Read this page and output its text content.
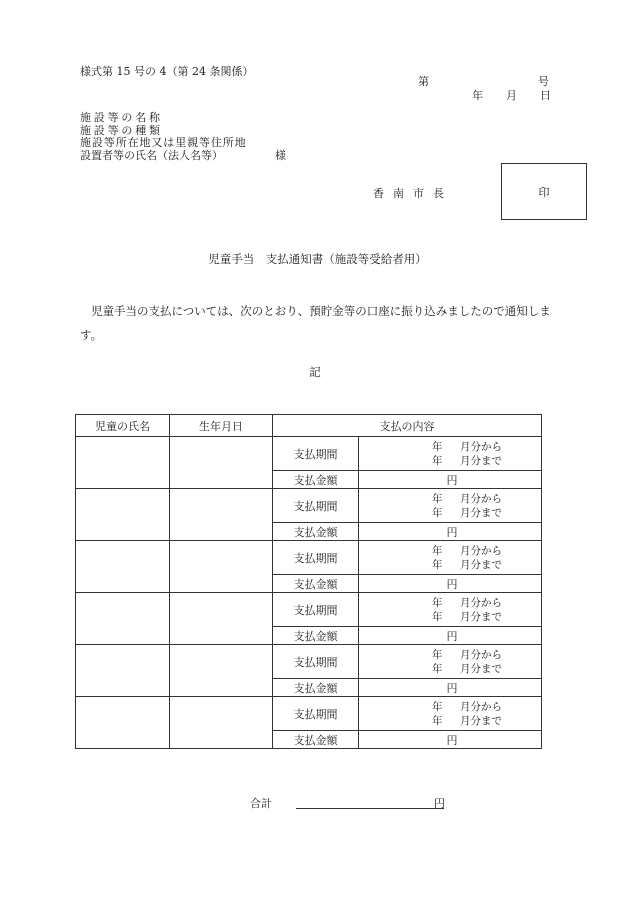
様式第 15 号の 4（第 24 条関係）
第	号
年 月 日
施設等の名称
施設等の種類
施設等所在地又は里親等住所地
設置者等の氏名（法人名等）	様
香南市長	印
児童手当　支払通知書（施設等受給者用）
児童手当の支払については、次のとおり、預貯金等の口座に振り込みましたので通知します。
記
児童の氏名	生年月日	支払の内容	
		支払期間	年 月分から
年 月分まで

		支払金額	円

		支払期間	年 月分から
年 月分まで

		支払金額	円

		支払期間	年 月分から
年 月分まで

		支払金額	円

		支払期間	年 月分から
年 月分まで

		支払金額	円

		支払期間	年 月分から
年 月分まで

		支払金額	円

		支払期間	年 月分から
年 月分まで

		支払金額	円
合計	円
